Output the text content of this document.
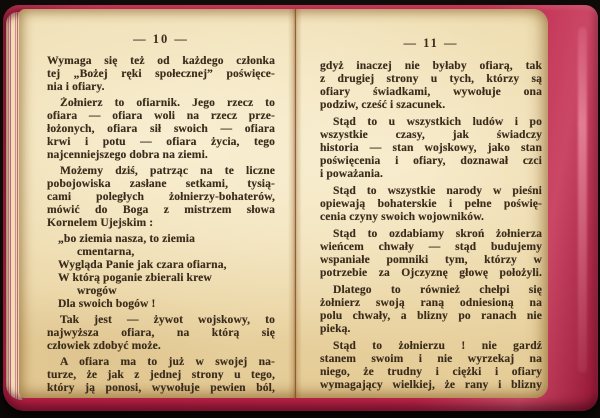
— 10 —
Wymaga się też od każdego członka
tej „Bożej ręki społecznej” poświęce-
nia i ofiary.
Żołnierz to ofiarnik. Jego rzecz to
ofiara — ofiara woli na rzecz prze-
łożonych, ofiara sił swoich — ofiara
krwi i potu — ofiara życia, tego
najcenniejszego dobra na ziemi.
Możemy dziś, patrząc na te liczne
pobojowiska zasłane setkami, tysią-
cami poległych żołnierzy-bohaterów,
mówić do Boga z mistrzem słowa
Kornelem Ujejskim :
„bo ziemia nasza, to ziemia
cmentarna,
Wygląda Panie jak czara ofiarna,
W którą poganie zbierali krew
wrogów
Dla swoich bogów !
Tak jest — żywot wojskowy, to
najwyższa ofiara, na którą się
człowiek zdobyć może.
A ofiara ma to już w swojej na-
turze, że jak z jednej strony u tego,
który ją ponosi, wywołuje pewien ból,
— 11 —
gdyż inaczej nie byłaby ofiarą, tak
z drugiej strony u tych, którzy są
ofiary świadkami, wywołuje ona
podziw, cześć i szacunek.
Stąd to u wszystkich ludów i po
wszystkie czasy, jak świadczy
historia — stan wojskowy, jako stan
poświęcenia i ofiary, doznawał czci
i poważania.
Stąd to wszystkie narody w pieśni
opiewają bohaterskie i pełne poświę-
cenia czyny swoich wojowników.
Stąd to ozdabiamy skroń żołnierza
wieńcem chwały — stąd budujemy
wspaniałe pomniki tym, którzy w
potrzebie za Ojczyznę głowę położyli.
Dlatego to również chełpi się
żołnierz swoją raną odniesioną na
polu chwały, a blizny po ranach nie
pieką.
Stąd to żołnierzu ! nie gardź
stanem swoim i nie wyrzekaj na
niego, że trudny i ciężki i ofiary
wymagający wielkiej, że rany i blizny
